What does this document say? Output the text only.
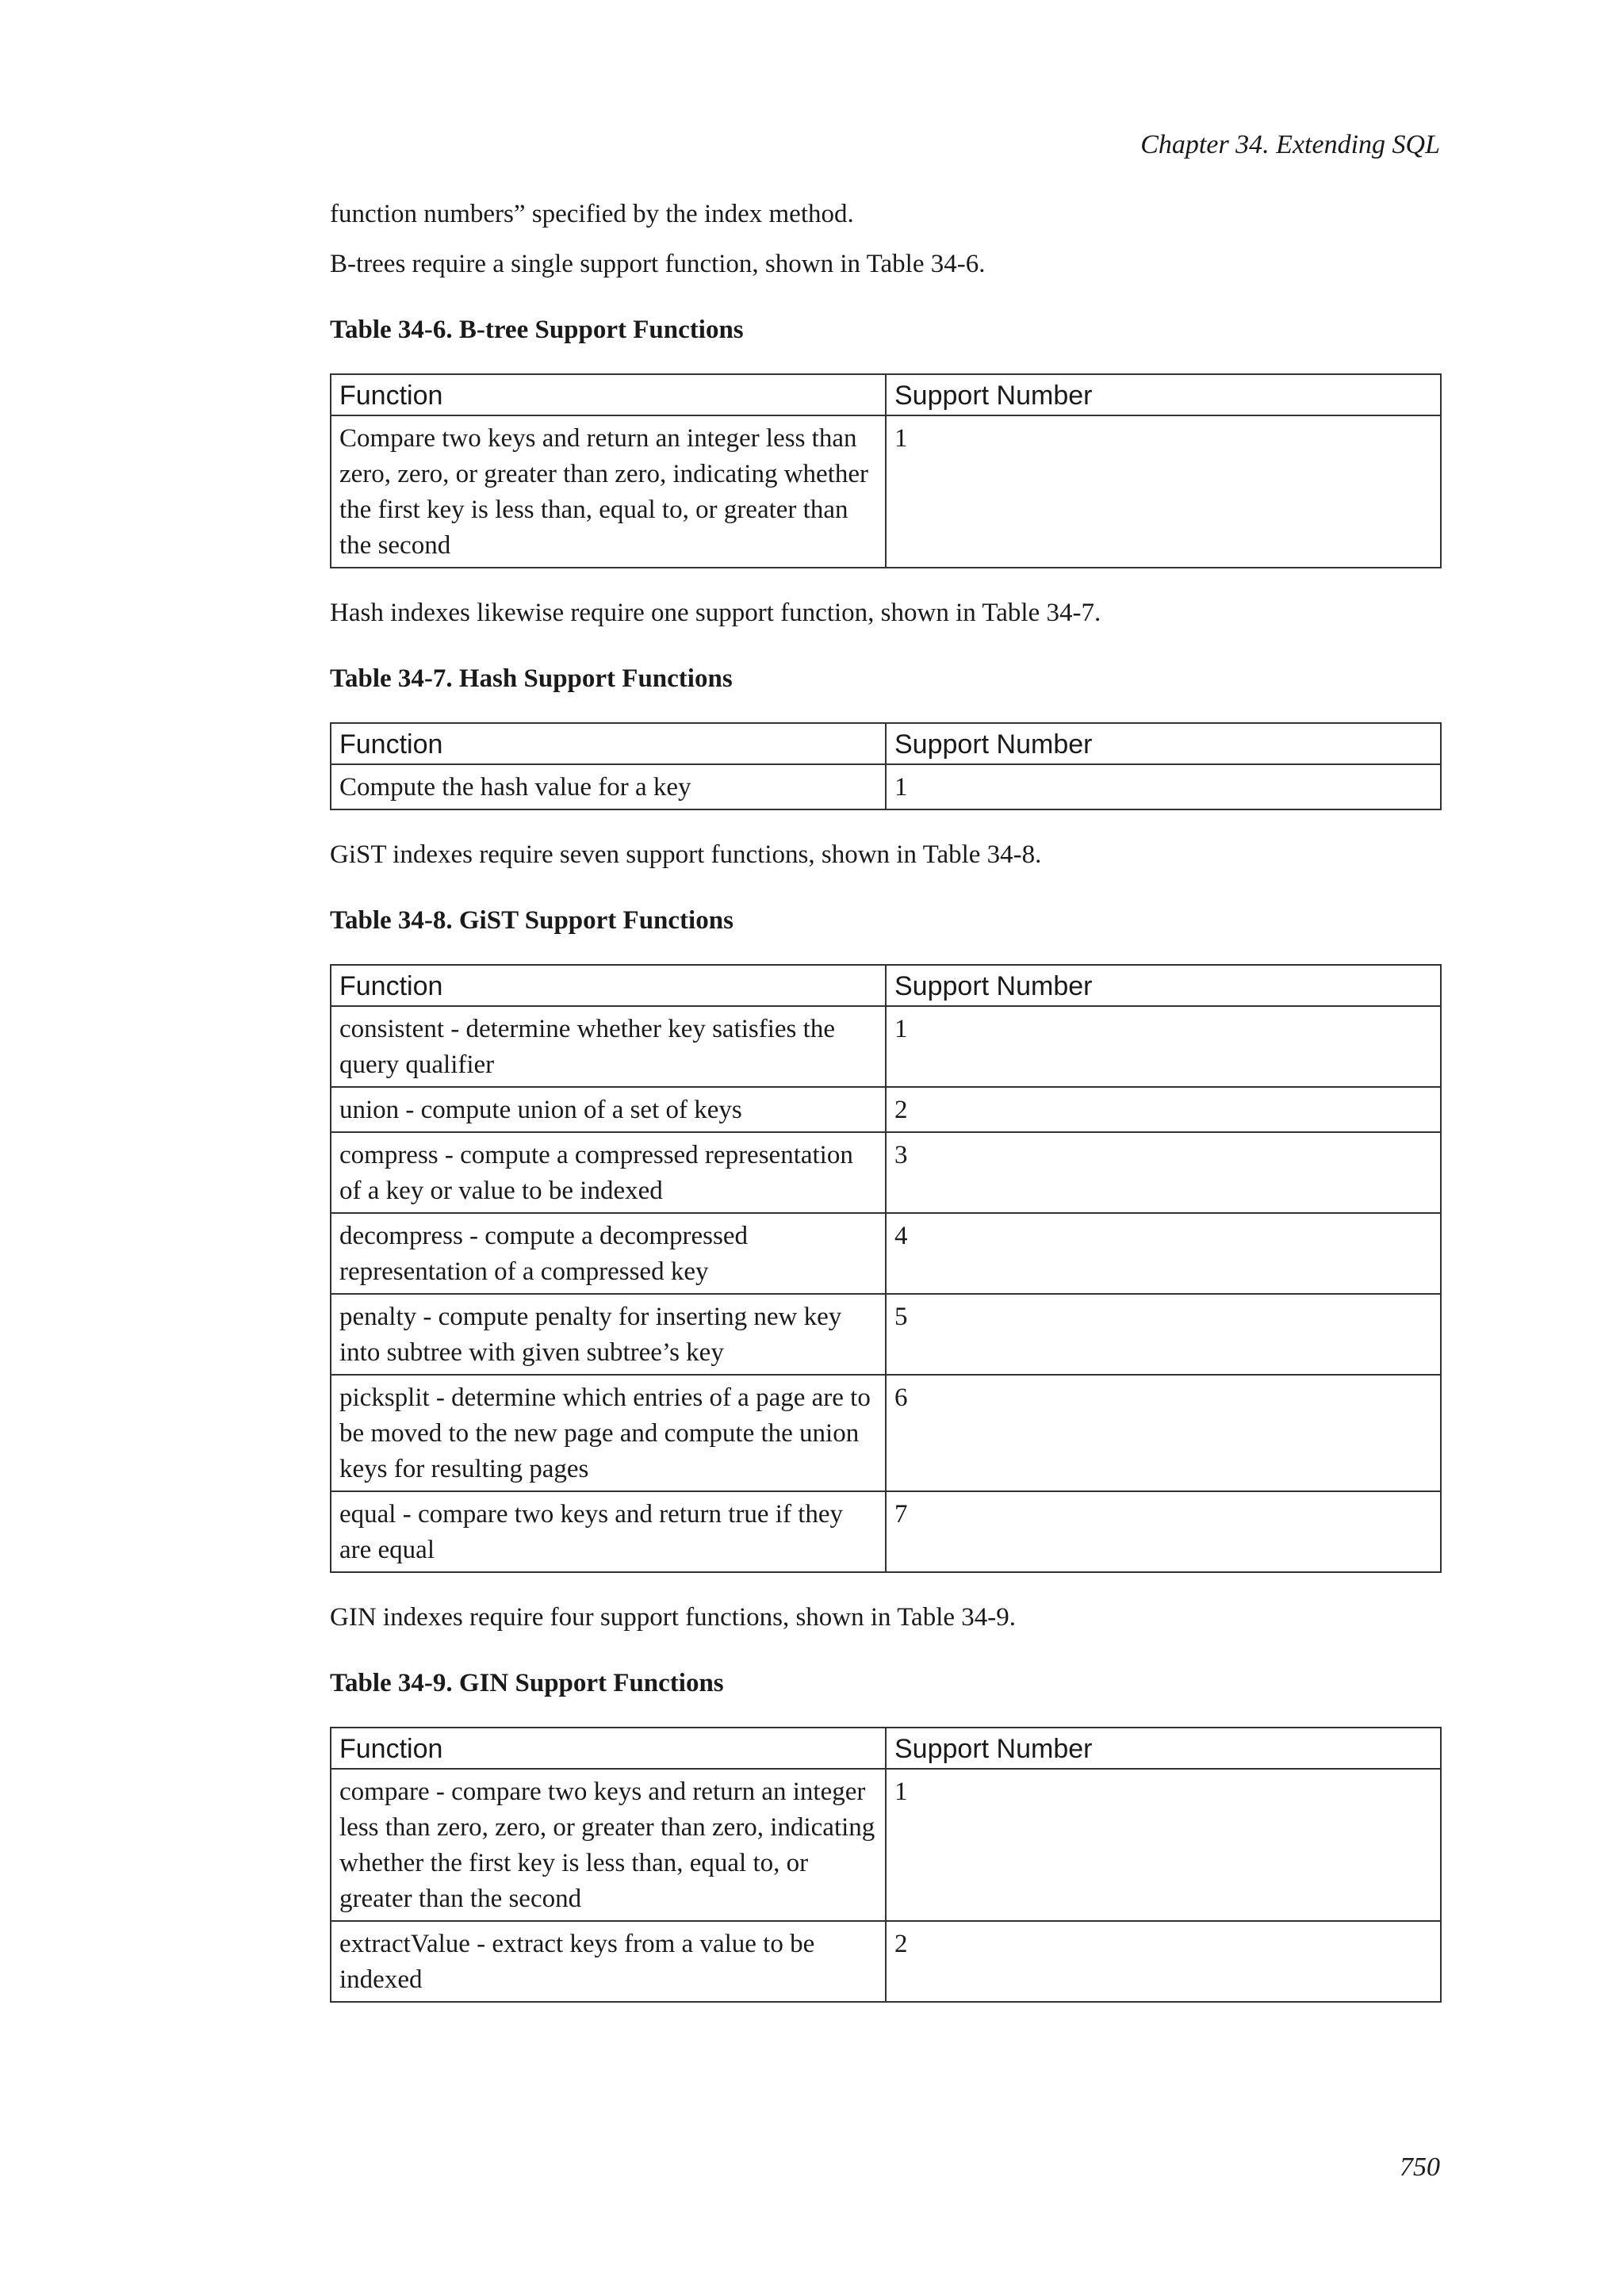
Chapter 34. Extending SQL

function numbers” specified by the index method.

B-trees require a single support function, shown in Table 34-6.

Table 34-6. B-tree Support Functions
Function	Support Number
Compare two keys and return an integer less than zero, zero, or greater than zero, indicating whether the first key is less than, equal to, or greater than the second	1

Hash indexes likewise require one support function, shown in Table 34-7.

Table 34-7. Hash Support Functions
Function	Support Number
Compute the hash value for a key	1

GiST indexes require seven support functions, shown in Table 34-8.

Table 34-8. GiST Support Functions
Function	Support Number
consistent - determine whether key satisfies the query qualifier	1
union - compute union of a set of keys	2
compress - compute a compressed representation of a key or value to be indexed	3
decompress - compute a decompressed representation of a compressed key	4
penalty - compute penalty for inserting new key into subtree with given subtree’s key	5
picksplit - determine which entries of a page are to be moved to the new page and compute the union keys for resulting pages	6
equal - compare two keys and return true if they are equal	7

GIN indexes require four support functions, shown in Table 34-9.

Table 34-9. GIN Support Functions
Function	Support Number
compare - compare two keys and return an integer less than zero, zero, or greater than zero, indicating whether the first key is less than, equal to, or greater than the second	1
extractValue - extract keys from a value to be indexed	2
750
